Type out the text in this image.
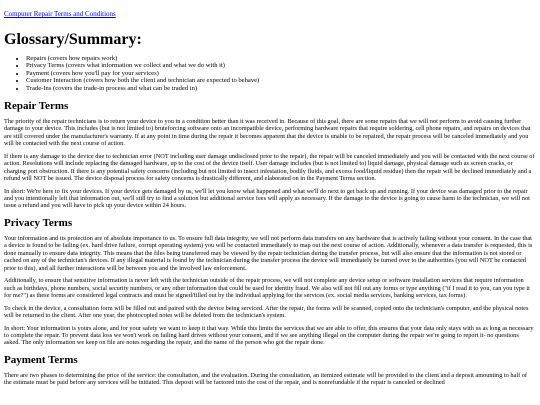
Computer Repair Terms and Conditions
Glossary/Summary:
• Repairs (covers how repairs work)
• Privacy Terms (covers what information we collect and what we do with it)
• Payment (covers how you'll pay for your services)
• Customer Interaction (covers how both the client and technician are expected to behave)
• Trade-Ins (covers the trade-in process and what can be traded in)
Repair Terms

The priority of the repair technicians is to return your device to you in a condition better than it was received in. Because of this goal, there are some repairs that we will not perform to avoid causing further damage to your device. This includes (but is not limited to) bruteforcing software onto an incompatible device, performing hardware repairs that require soldering, cell phone repairs, and repairs on devices that are still covered under the manufacturer's warranty. If at any point in time during the repair it becomes apparent that the device is unable to be repaired, the repair process will be canceled immediately and you will be contacted with the next course of action.

If there is any damage to the device due to technician error (NOT including user damage undisclosed prior to the repair), the repair will be canceled immediately and you will be contacted with the next course of action. Resolutions will include replacing the damaged hardware, up to the cost of the device itself. User damage includes (but is not limited to) liquid damage, physical damage such as screen cracks, or charging port obstruction. If there is any potential safety concerns (including but not limited to insect infestation, bodily fluids, and excess food/liquid residue) then the repair will be declined immediately and a refund will NOT be issued. The device disposal process for safety concerns is drastically different, and elaborated on in the Payment Terms section.

In short: We're here to fix your devices. If your device gets damaged by us, we'll let you know what happened and what we'll do next to get back up and running. If your device was damaged prior to the repair and you intentionally left that information out, we'll still try to find a solution but additional service fees will apply as necessary. If the damage to the device is going to cause harm to the technician, we will not issue a refund and you will have to pick up your device within 24 hours.

Privacy Terms

Your information and its protection are of absolute importance to us. To ensure full data integrity, we will not perform data transfers on any hardware that is actively failing without your consent. In the case that a device is found to be failing (ex. hard drive failure, corrupt operating system) you will be contacted immediately to map out the next course of action. Additionally, whenever a data transfer is requested, this is done manually to ensure data integrity. This means that the files being transferred may be viewed by the repair technician during the transfer process, but will also ensure that the information is not stored or cached on any of the technician's devices. If any illegal material is found by the technician during the transfer process the device will immediately be turned over to the authorities (you will NOT be contacted prior to this), and all further interactions will be between you and the involved law enforcement.

Additionally, to ensure that sensitive information is never left with the technician outside of the repair process, we will not complete any device setup or software installation services that require information such as birthdays, phone numbers, social security numbers, or any other information that could be used for identity fraud. We also will not fill out any forms or type anything ("if I read it to you, can you type it for me?") as these forms are considered legal contracts and must be signed/filled out by the individual applying for the services (ex. social media services, banking services, tax forms).

To check in the device, a consultation form will be filled out and paired with the device being serviced. After the repair, the forms will be scanned, copied onto the technician's computer, and the physical notes will be returned to the client. After one year, the photocopied notes will be deleted from the technician's system.

In short: Your information is yours alone, and for your safety we want to keep it that way. While this limits the services that we are able to offer, this ensures that your data only stays with us as long as necessary to complete the repair. To prevent data loss we won't work on failing hard drives without your consent, and if we see anything illegal on the computer during the repair we're going to report it- no questions asked. The only information we keep on file are notes regarding the repair, and the name of the person who got the repair done.

Payment Terms

There are two phases to determining the price of the service: the consultation, and the evaluation. During the consultation, an itemized estimate will be provided to the client and a deposit amounting to half of the estimate must be paid before any services will be initiated. This deposit will be factored into the cost of the repair, and is nonrefundable if the repair is canceled or declined
